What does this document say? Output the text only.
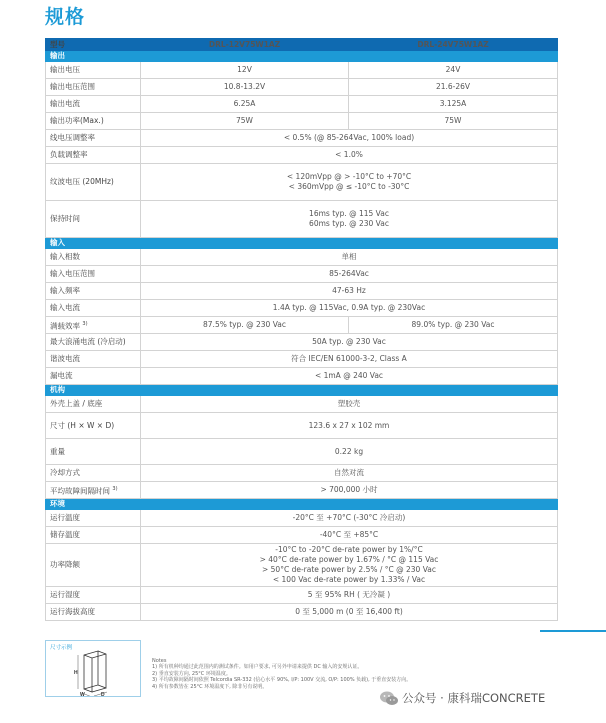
规格
型号	DRL-12V75W1AZ	DRL-24V75W1AZ
输出		
输出电压	12V	24V
输出电压范围	10.8-13.2V	21.6-26V
输出电流	6.25A	3.125A
输出功率(Max.)	75W	75W
线电压调整率	< 0.5% (@ 85-264Vac, 100% load)	
负载调整率	< 1.0%	
纹波电压 (20MHz)	< 120mVpp @ > -10°C to +70°C
< 360mVpp @ ≤ -10°C to -30°C	

保持时间	16ms typ. @ 115 Vac
60ms typ. @ 230 Vac	

输入		
输入相数	单相	
输入电压范围	85-264Vac	
输入频率	47-63 Hz	
输入电流	1.4A typ. @ 115Vac, 0.9A typ. @ 230Vac	
满载效率 $^{3)}$	87.5% typ. @ 230 Vac	89.0% typ. @ 230 Vac
最大浪涌电流 (冷启动)	50A typ. @ 230 Vac	
谐波电流	符合 IEC/EN 61000-3-2, Class A	
漏电流	< 1mA @ 240 Vac	
机构		
外壳上盖 / 底座	塑胶壳	
尺寸 (H × W × D)	123.6 x 27 x 102 mm	
重量	0.22 kg	
冷却方式	自然对流	
平均故障间隔时间 $^{3)}$	> 700,000 小时	
环境		
运行温度	-20°C 至 +70°C (-30°C 冷启动)	
储存温度	-40°C 至 +85°C	
功率降额	-10°C to -20°C de-rate power by 1%/°C
> 40°C de-rate power by 1.67% / °C @ 115 Vac
> 50°C de-rate power by 2.5% / °C @ 230 Vac
< 100 Vac de-rate power by 1.33% / Vac	

运行湿度	5 至 95% RH ( 无冷凝 )	
运行海拔高度	0 至 5,000 m (0 至 16,400 ft)	
尺寸示例
H
W	D
Notes
1) 所有机种均通过此范围内的测试条件。如用户要求, 可另外申请来提供 DC 输入的安规认证。
2) 垂直安装方向, 25°C 环境温度。
3) 平均故障间隔时间依照 Telcordia SR-332 (信心水平 90%, I/P: 100V 交流, O/P: 100% 负载), 于垂直安装方向。
4) 所有参数皆在 25°C 环境温度下, 除非另有说明。
公众号 · 康科瑞CONCRETE
